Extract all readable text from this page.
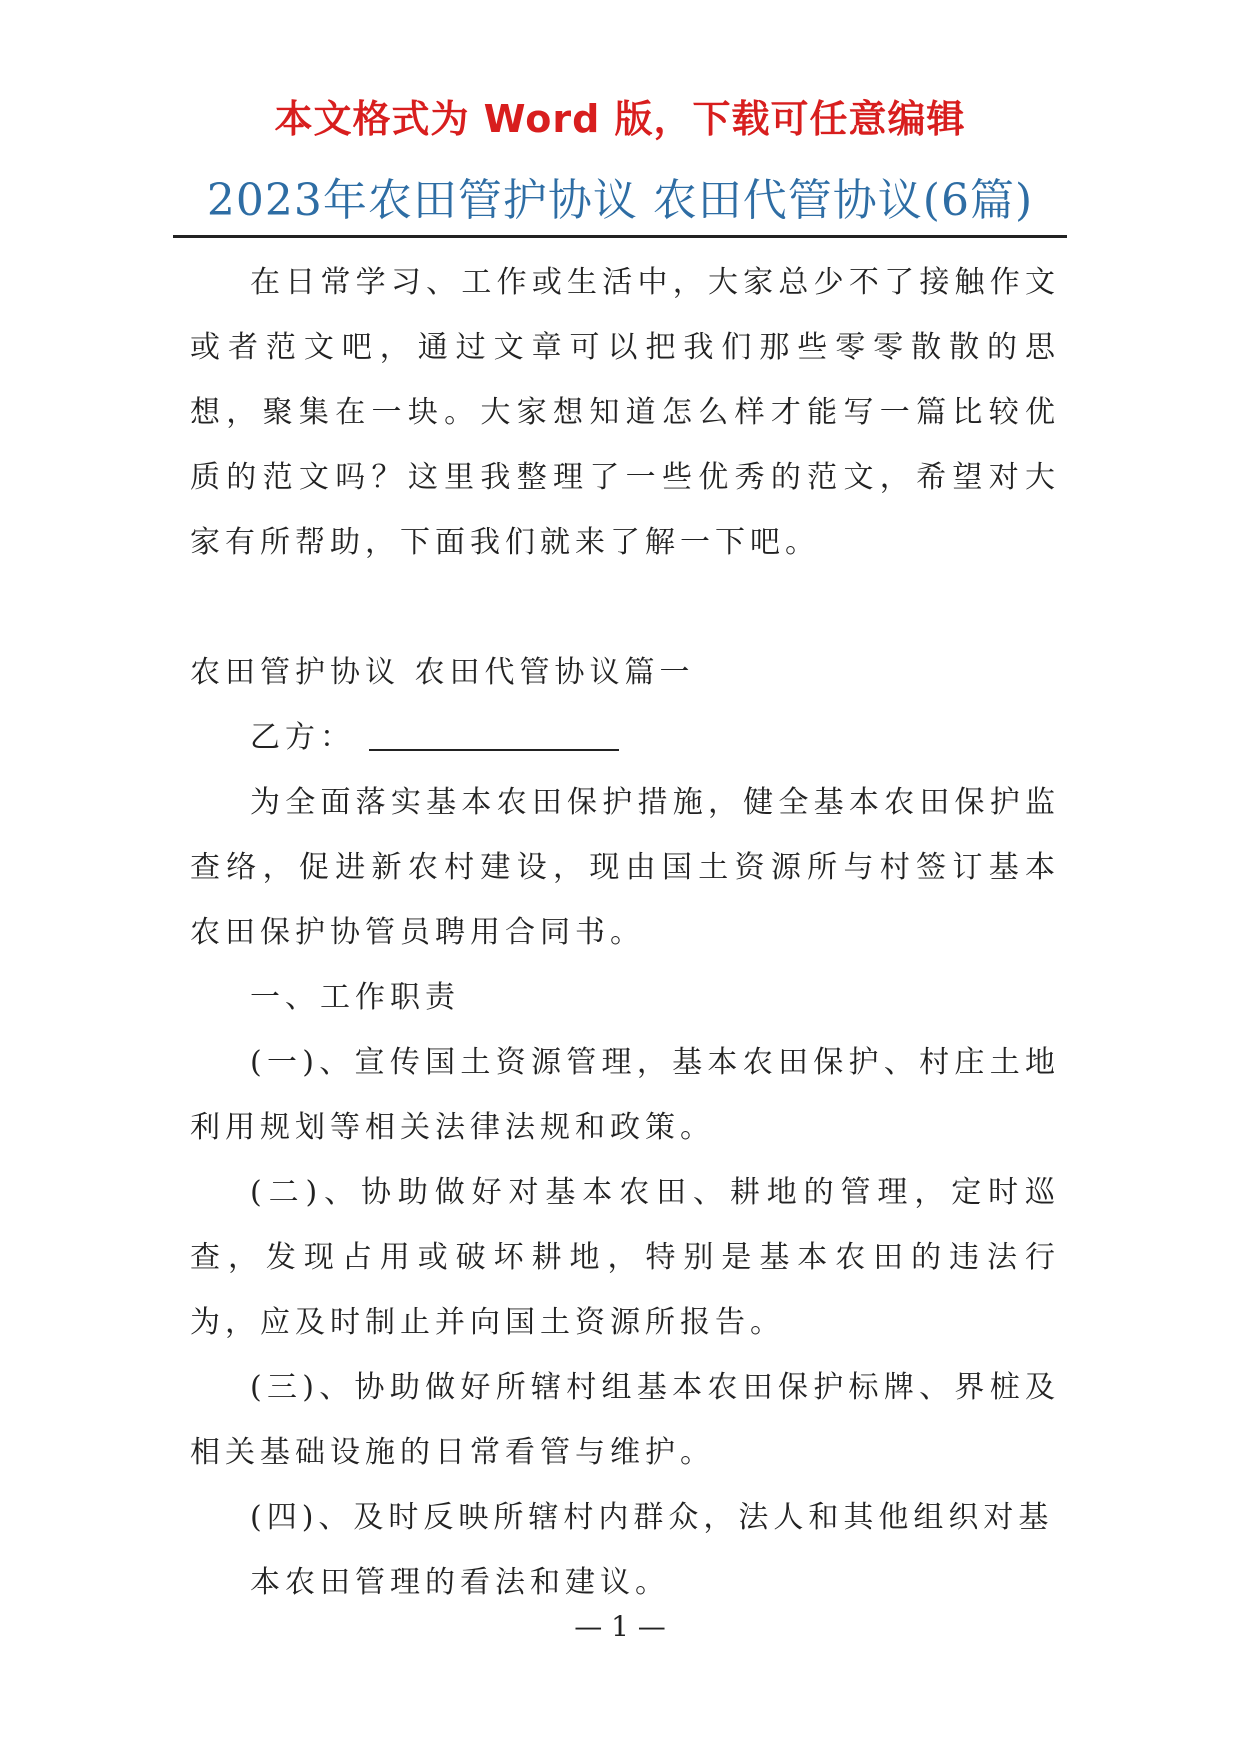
本文格式为 Word 版，下载可任意编辑
2023年农田管护协议 农田代管协议(6篇)

在日常学习、工作或生活中，大家总少不了接触作文或者范文吧，通过文章可以把我们那些零零散散的思想，聚集在一块。大家想知道怎么样才能写一篇比较优质的范文吗？这里我整理了一些优秀的范文，希望对大家有所帮助，下面我们就来了解一下吧。

农田管护协议 农田代管协议篇一

乙方：

为全面落实基本农田保护措施，健全基本农田保护监查络，促进新农村建设，现由国土资源所与村签订基本农田保护协管员聘用合同书。

一、工作职责

(一)、宣传国土资源管理，基本农田保护、村庄土地利用规划等相关法律法规和政策。

(二)、协助做好对基本农田、耕地的管理，定时巡查，发现占用或破坏耕地，特别是基本农田的违法行为，应及时制止并向国土资源所报告。

(三)、协助做好所辖村组基本农田保护标牌、界桩及相关基础设施的日常看管与维护。

(四)、及时反映所辖村内群众，法人和其他组织对基

本农田管理的看法和建议。

— 1 —
